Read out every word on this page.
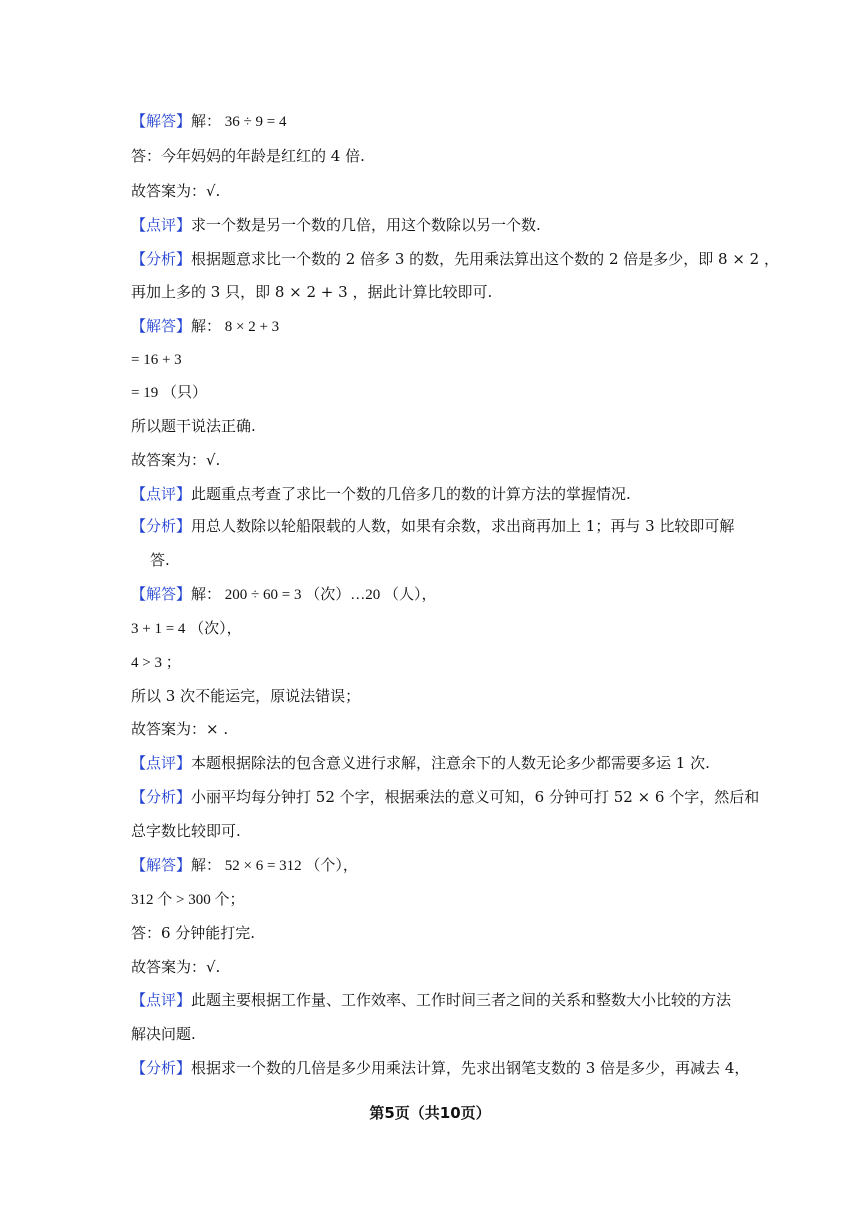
【解答】解： 36 ÷ 9 = 4
答：今年妈妈的年龄是红红的 4 倍.
故答案为：√.
【点评】求一个数是另一个数的几倍，用这个数除以另一个数.
【分析】根据题意求比一个数的 2 倍多 3 的数，先用乘法算出这个数的 2 倍是多少，即 8 × 2 ，
再加上多的 3 只，即 8 × 2 + 3 ，据此计算比较即可.
【解答】解： 8 × 2 + 3
= 16 + 3
= 19 （只）
所以题干说法正确.
故答案为：√.
【点评】此题重点考查了求比一个数的几倍多几的数的计算方法的掌握情况.
【分析】用总人数除以轮船限载的人数，如果有余数，求出商再加上 1；再与 3 比较即可解
答.
【解答】解： 200 ÷ 60 = 3 （次）…20 （人），
3 + 1 = 4 （次），
4 > 3 ；
所以 3 次不能运完，原说法错误；
故答案为：× .
【点评】本题根据除法的包含意义进行求解，注意余下的人数无论多少都需要多运 1 次.
【分析】小丽平均每分钟打 52 个字，根据乘法的意义可知，6 分钟可打 52 × 6 个字，然后和
总字数比较即可.
【解答】解： 52 × 6 = 312 （个），
312 个 > 300 个；
答：6 分钟能打完.
故答案为：√.
【点评】此题主要根据工作量、工作效率、工作时间三者之间的关系和整数大小比较的方法
解决问题.
【分析】根据求一个数的几倍是多少用乘法计算，先求出钢笔支数的 3 倍是多少，再减去 4，
第5页（共10页）
